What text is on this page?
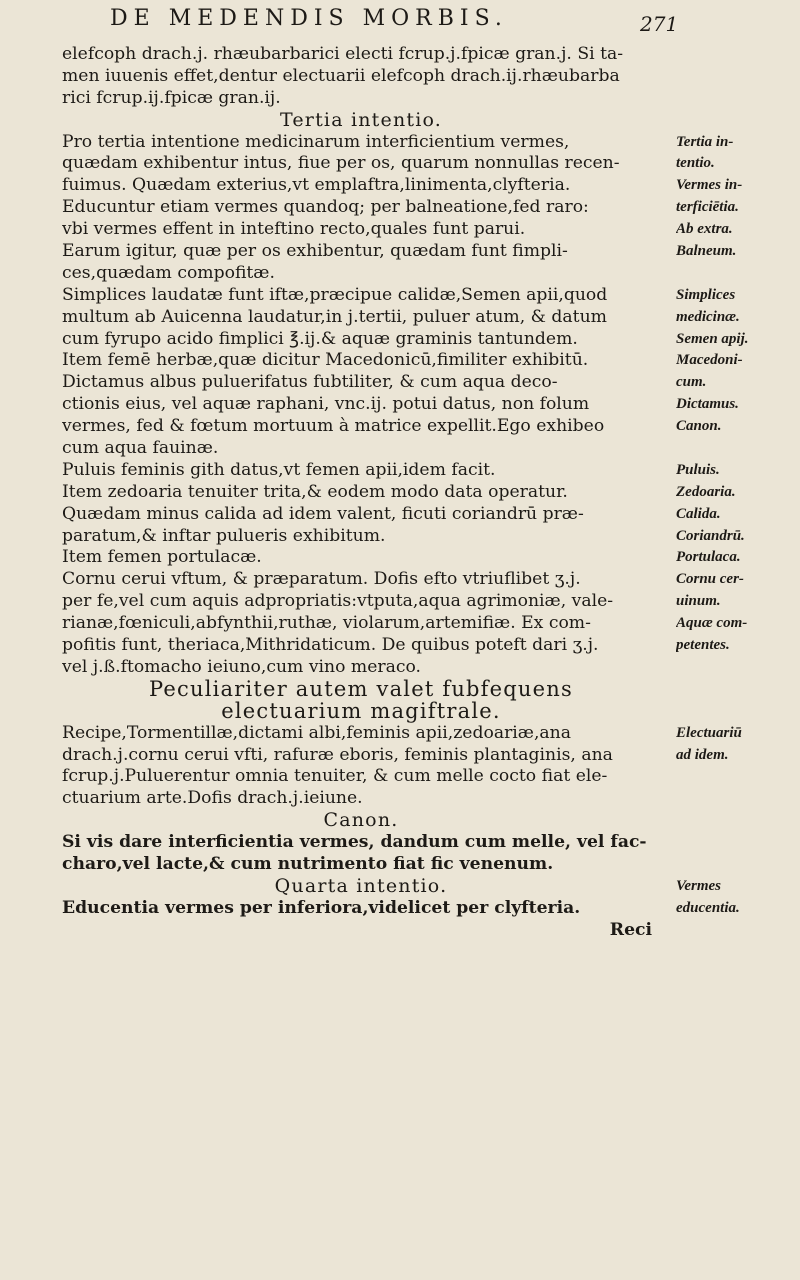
DE MEDENDIS MORBIS.	271
elefcoph drach.j. rhæubarbarici electi fcrup.j.fpicæ gran.j. Si ta-
men iuuenis effet,dentur electuarii elefcoph drach.ij.rhæubarba
rici fcrup.ij.fpicæ gran.ij.
Tertia intentio.
Pro tertia intentione medicinarum interficientium vermes,
quædam exhibentur intus, fiue per os, quarum nonnullas recen-
fuimus. Quædam exterius,vt emplaftra,linimenta,clyfteria.
Educuntur etiam vermes quandoq; per balneatione,fed raro:
vbi vermes effent in inteftino recto,quales funt parui.
Earum igitur, quæ per os exhibentur, quædam funt fimpli-
ces,quædam compofitæ.
Simplices laudatæ funt iftæ,præcipue calidæ,Semen apii,quod
multum ab Auicenna laudatur,in j.tertii, puluer atum, & datum
cum fyrupo acido fimplici ℥.ij.& aquæ graminis tantundem.
Item femē herbæ,quæ dicitur Macedonicū,fimiliter exhibitū.
Dictamus albus puluerifatus fubtiliter, & cum aqua deco-
ctionis eius, vel aquæ raphani, vnc.ij. potui datus, non folum
vermes, fed & fœtum mortuum à matrice expellit.Ego exhibeo
cum aqua fauinæ.
Puluis feminis gith datus,vt femen apii,idem facit.
Item zedoaria tenuiter trita,& eodem modo data operatur.
Quædam minus calida ad idem valent, ficuti coriandrū præ-
paratum,& inftar pulueris exhibitum.
Item femen portulacæ.
Cornu cerui vftum, & præparatum. Dofis efto vtriuflibet ʒ.j.
per fe,vel cum aquis adpropriatis:vtputa,aqua agrimoniæ, vale-
rianæ,fœniculi,abfynthii,ruthæ, violarum,artemifiæ. Ex com-
pofitis funt, theriaca,Mithridaticum. De quibus poteft dari ʒ.j.
vel j.ß.ftomacho ieiuno,cum vino meraco.
Peculiariter autem valet fubfequens
electuarium magiftrale.
Recipe,Tormentillæ,dictami albi,feminis apii,zedoariæ,ana
drach.j.cornu cerui vfti, rafuræ eboris, feminis plantaginis, ana
fcrup.j.Puluerentur omnia tenuiter, & cum melle cocto fiat ele-
ctuarium arte.Dofis drach.j.ieiune.
Canon.
Si vis dare interficientia vermes, dandum cum melle, vel fac-
charo,vel lacte,& cum nutrimento fiat fic venenum.
Quarta intentio.
Educentia vermes per inferiora,videlicet per clyfteria.
Reci
Tertia in-
tentio.
Vermes in-
terficiētia.
Ab extra.
Balneum.
Simplices
medicinæ.
Semen apij.
Macedoni-
cum.
Dictamus.
Canon.
Puluis.
Zedoaria.
Calida.
Coriandrū.
Portulaca.
Cornu cer-
uinum.
Aquæ com-
petentes.
Electuariū
ad idem.
Vermes
educentia.
